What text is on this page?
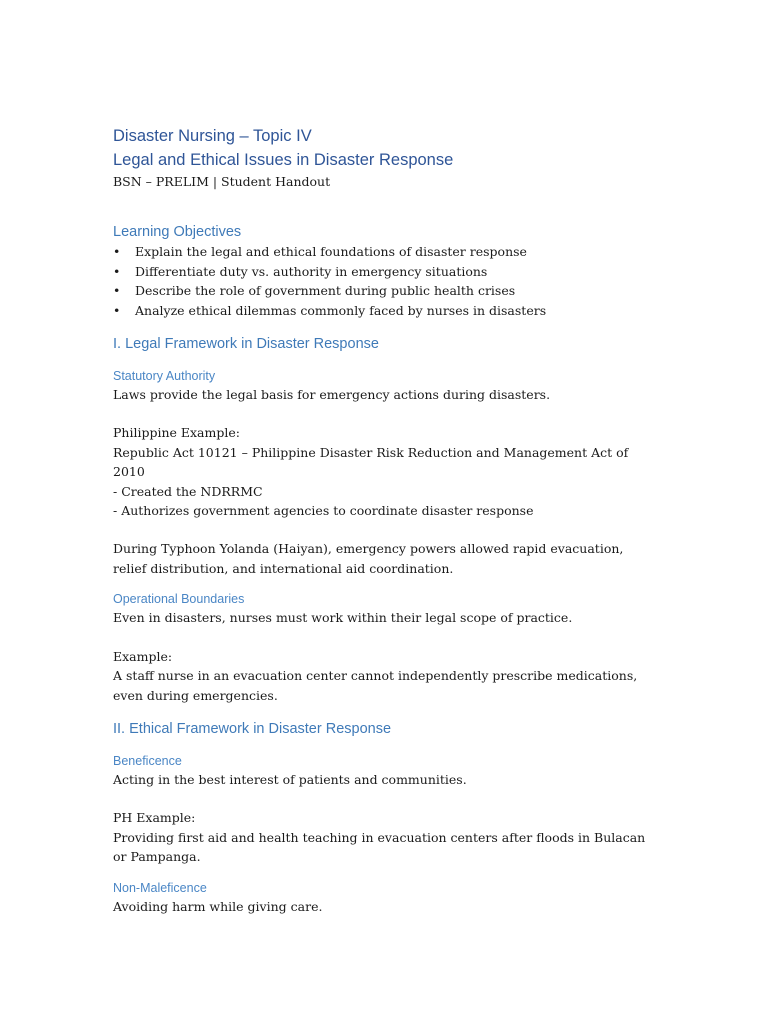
Disaster Nursing – Topic IV
Legal and Ethical Issues in Disaster Response

BSN – PRELIM | Student Handout

Learning Objectives
• Explain the legal and ethical foundations of disaster response
• Differentiate duty vs. authority in emergency situations
• Describe the role of government during public health crises
• Analyze ethical dilemmas commonly faced by nurses in disasters
I. Legal Framework in Disaster Response
Statutory Authority

Laws provide the legal basis for emergency actions during disasters.

Philippine Example:

Republic Act 10121 – Philippine Disaster Risk Reduction and Management Act of 2010

- Created the NDRRMC

- Authorizes government agencies to coordinate disaster response

During Typhoon Yolanda (Haiyan), emergency powers allowed rapid evacuation, relief distribution, and international aid coordination.

Operational Boundaries

Even in disasters, nurses must work within their legal scope of practice.

Example:

A staff nurse in an evacuation center cannot independently prescribe medications, even during emergencies.

II. Ethical Framework in Disaster Response
Beneficence

Acting in the best interest of patients and communities.

PH Example:

Providing first aid and health teaching in evacuation centers after floods in Bulacan or Pampanga.

Non-Maleficence

Avoiding harm while giving care.
